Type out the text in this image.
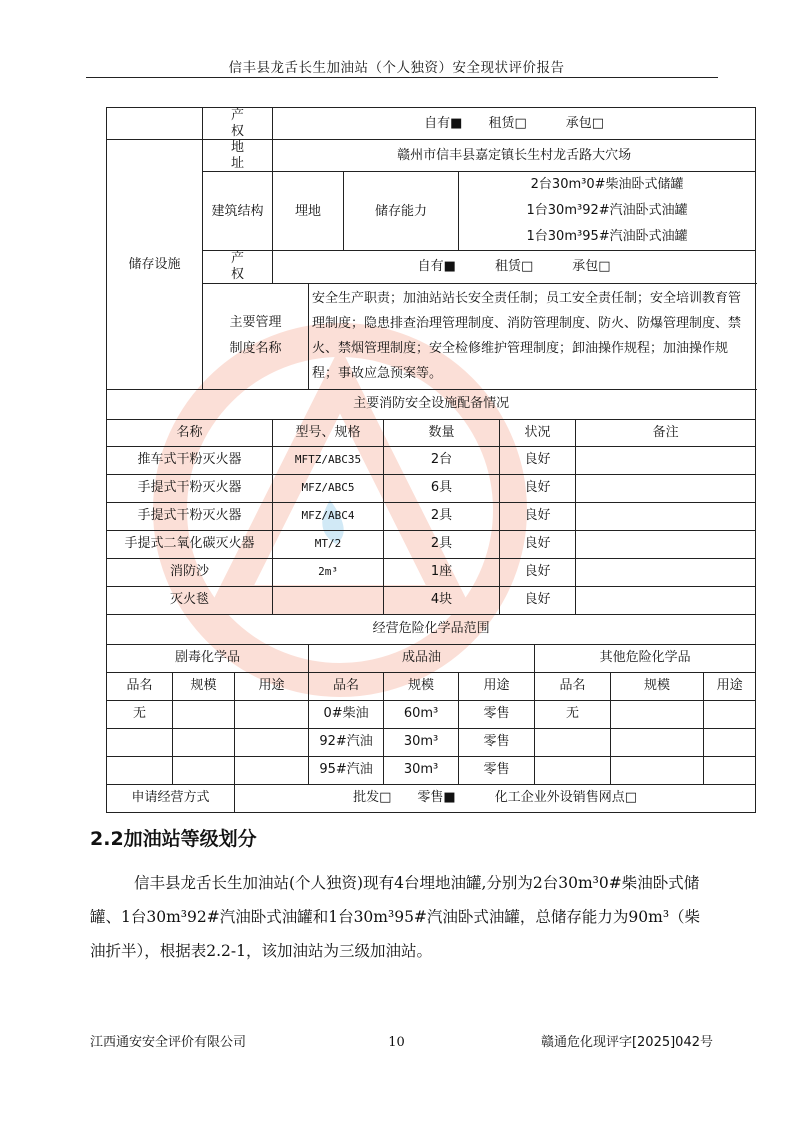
信丰县龙舌长生加油站（个人独资）安全现状评价报告
		产　权		自有■　　租赁□　　　承包□									
储存设施		地　址		赣州市信丰县嘉定镇长生村龙舌路大穴场									
		建筑结构		埋地		储存能力		2台30m³0#柴油卧式储罐
1台30m³92#汽油卧式油罐
1台30m³95#汽油卧式油罐					

		产　权		自有■　　　租赁□　　　承包□									

		主要管理
制度名称			安全生产职责；加油站站长安全责任制；员工安全责任制；安全培训教育管理制度；隐患排查治理管理制度、消防管理制度、防火、防爆管理制度、禁火、禁烟管理制度；安全检修维护管理制度；卸油操作规程；加油操作规程；事故应急预案等。								
主要消防安全设施配备情况													
名称				型号、规格			数量		状况		备注		
推车式干粉灭火器				MFTZ/ABC35			2台		良好				
手提式干粉灭火器				MFZ/ABC5			6具		良好				
手提式干粉灭火器				MFZ/ABC4			2具		良好				
手提式二氧化碳灭火器				MT/2			2具		良好				
消防沙				2m³			1座		良好				
灭火毯							4块		良好				
经营危险化学品范围													
剧毒化学品					成品油					其他危险化学品			
品名	规模		用途		品名		规模	用途		品名		规模	用途
无					0#柴油		60m³	零售		无			
					92#汽油		30m³	零售					
					95#汽油		30m³	零售					
申请经营方式			批发□　　零售■　　　化工企业外设销售网点□										
2.2加油站等级划分

信丰县龙舌长生加油站(个人独资)现有4台埋地油罐,分别为2台30m³0#柴油卧式储罐、1台30m³92#汽油卧式油罐和1台30m³95#汽油卧式油罐，总储存能力为90m³（柴油折半），根据表2.2-1，该加油站为三级加油站。

江西通安安全评价有限公司	10	赣通危化现评字[2025]042号
